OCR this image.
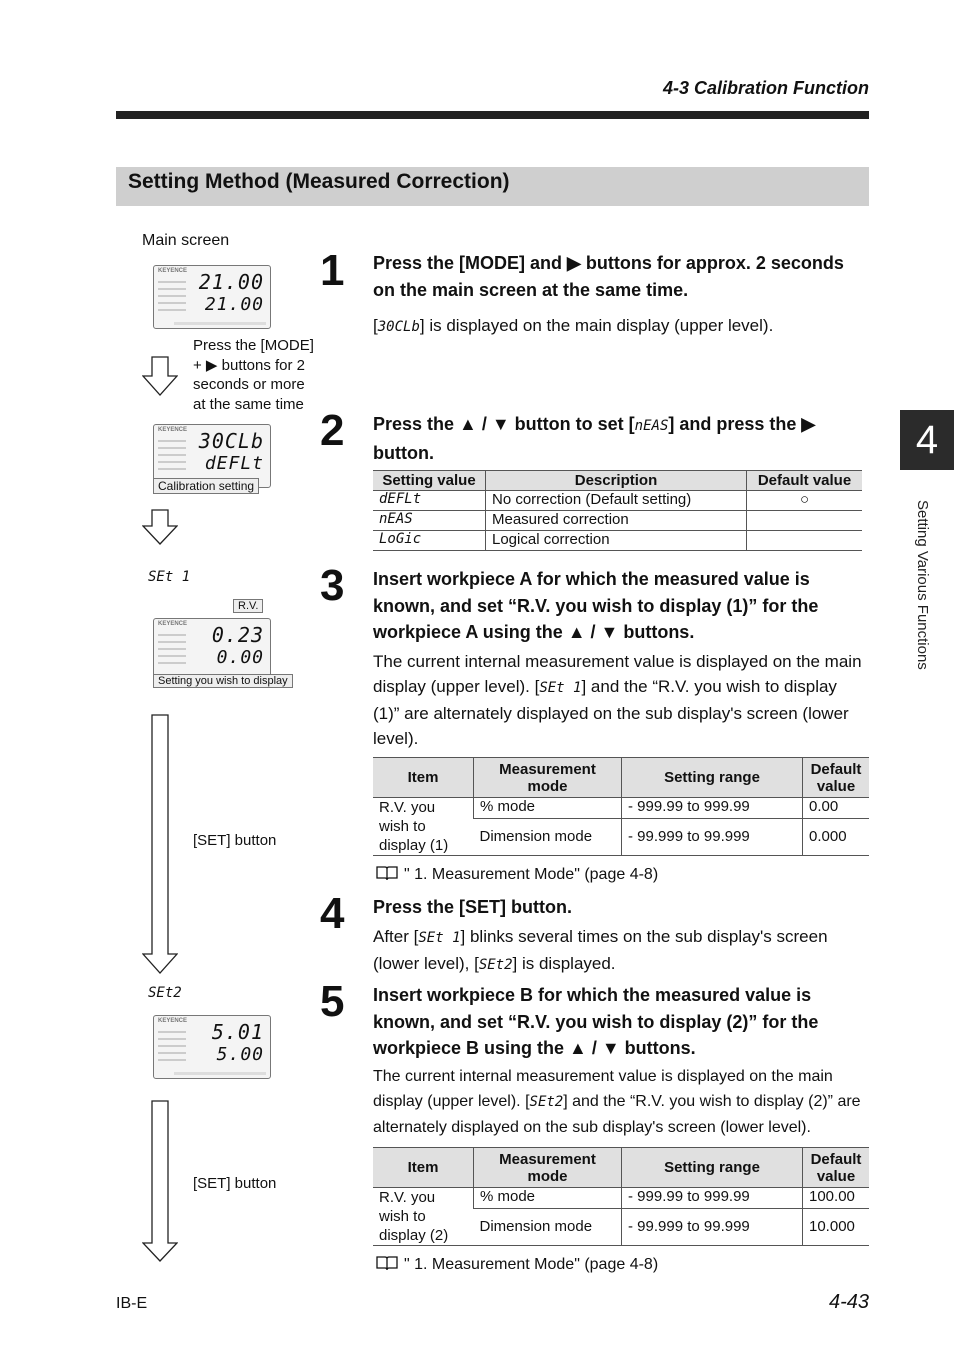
4-3 Calibration Function
Setting Method (Measured Correction)
4
Setting Various Functions
Main screen
KEYENCE 21.00
21.00
Press the [MODE]
+ ▶ buttons for 2
seconds or more
at the same time
KEYENCE 30CLb
dEFLt
Calibration setting
SEt 1
R.V.
KEYENCE 0.23
0.00
Setting you wish to display
[SET] button
SEt2
KEYENCE 5.01
5.00
[SET] button
1 Press the [MODE] and ▶ buttons for approx. 2 seconds on the main screen at the same time.
[30CLb] is displayed on the main display (upper level).
2 Press the ▲ / ▼ button to set [nEAS] and press the ▶ button.
Setting value	Description	Default value
dEFLt	No correction (Default setting)	○
nEAS	Measured correction	
LoGic	Logical correction	
3 Insert workpiece A for which the measured value is known, and set “R.V. you wish to display (1)” for the workpiece A using the ▲ / ▼ buttons.
The current internal measurement value is displayed on the main display (upper level). [SEt 1] and the “R.V. you wish to display (1)” are alternately displayed on the sub display's screen (lower level).
Item	Measurement mode	Setting range	Default value
R.V. you wish to display (1)	% mode	- 999.99 to 999.99	0.00
	Dimension mode	- 99.999 to 99.999	0.000
" 1. Measurement Mode" (page 4-8)
4 Press the [SET] button.
After [SEt 1] blinks several times on the sub display's screen (lower level), [SEt2] is displayed.
5 Insert workpiece B for which the measured value is known, and set “R.V. you wish to display (2)” for the workpiece B using the ▲ / ▼ buttons.
The current internal measurement value is displayed on the main display (upper level). [SEt2] and the “R.V. you wish to display (2)” are alternately displayed on the sub display's screen (lower level).
Item	Measurement mode	Setting range	Default value
R.V. you wish to display (2)	% mode	- 999.99 to 999.99	100.00
	Dimension mode	- 99.999 to 99.999	10.000
" 1. Measurement Mode" (page 4-8)
IB-E	4-43
